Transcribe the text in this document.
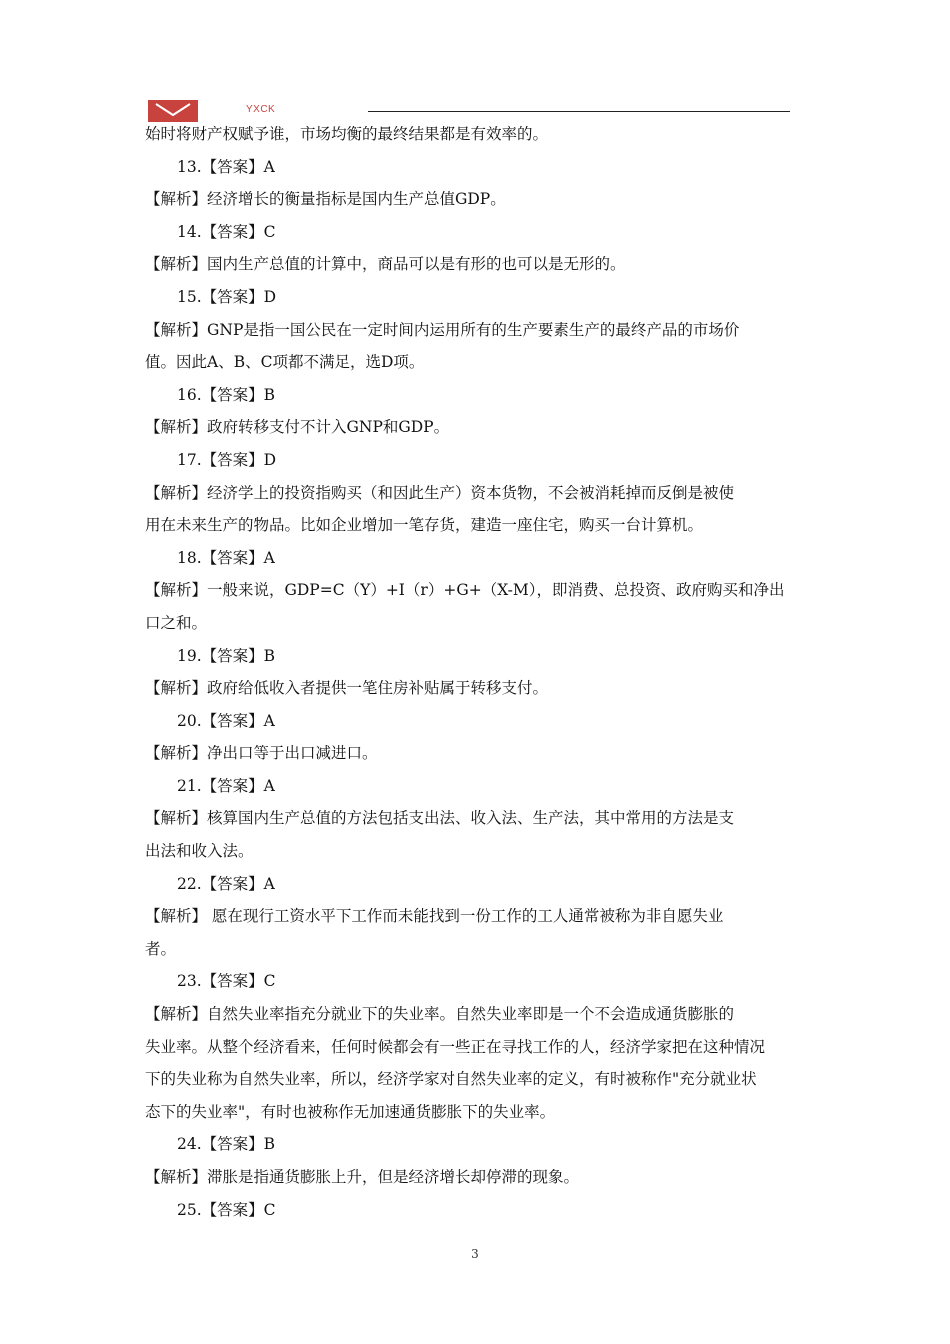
YXCK
始时将财产权赋予谁，市场均衡的最终结果都是有效率的。
13.【答案】A
【解析】经济增长的衡量指标是国内生产总值GDP。
14.【答案】C
【解析】国内生产总值的计算中，商品可以是有形的也可以是无形的。
15.【答案】D
【解析】GNP是指一国公民在一定时间内运用所有的生产要素生产的最终产品的市场价
值。因此A、B、C项都不满足，选D项。
16.【答案】B
【解析】政府转移支付不计入GNP和GDP。
17.【答案】D
【解析】经济学上的投资指购买（和因此生产）资本货物，不会被消耗掉而反倒是被使
用在未来生产的物品。比如企业增加一笔存货，建造一座住宅，购买一台计算机。
18.【答案】A
【解析】一般来说，GDP=C（Y）+I（r）+G+（X-M），即消费、总投资、政府购买和净出
口之和。
19.【答案】B
【解析】政府给低收入者提供一笔住房补贴属于转移支付。
20.【答案】A
【解析】净出口等于出口减进口。
21.【答案】A
【解析】核算国内生产总值的方法包括支出法、收入法、生产法，其中常用的方法是支
出法和收入法。
22.【答案】A
【解析】 愿在现行工资水平下工作而未能找到一份工作的工人通常被称为非自愿失业
者。
23.【答案】C
【解析】自然失业率指充分就业下的失业率。自然失业率即是一个不会造成通货膨胀的
失业率。从整个经济看来，任何时候都会有一些正在寻找工作的人，经济学家把在这种情况
下的失业称为自然失业率，所以，经济学家对自然失业率的定义，有时被称作"充分就业状
态下的失业率"，有时也被称作无加速通货膨胀下的失业率。
24.【答案】B
【解析】滞胀是指通货膨胀上升，但是经济增长却停滞的现象。
25.【答案】C
3
